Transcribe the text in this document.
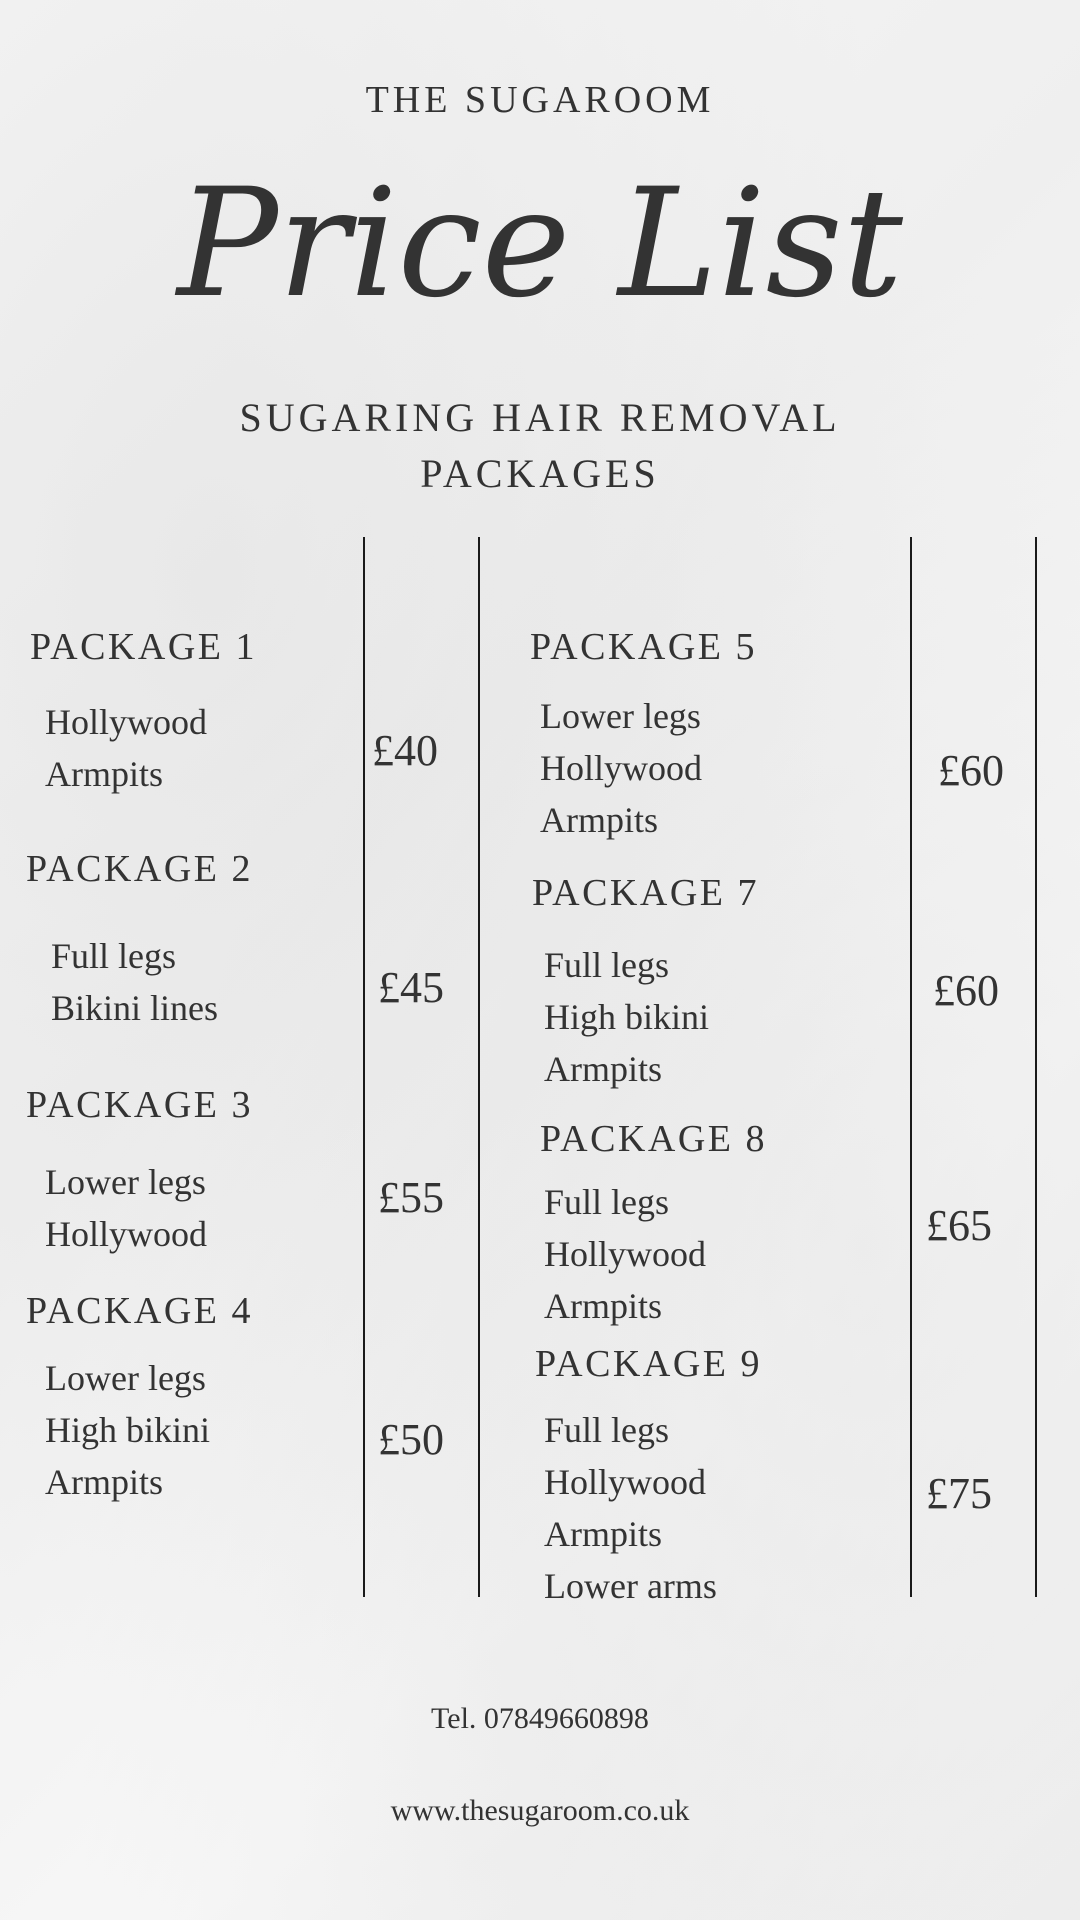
THE SUGAROOM
Price List
SUGARING HAIR REMOVAL
PACKAGES
PACKAGE 1
Hollywood
Armpits	£40
PACKAGE 2
Full legs
Bikini lines	£45
PACKAGE 3
Lower legs
Hollywood
£55
PACKAGE 4
Lower legs
High bikini
Armpits
£50
PACKAGE 5
Lower legs
Hollywood
Armpits
£60
PACKAGE 7
Full legs
High bikini
Armpits
£60
PACKAGE 8
Full legs
Hollywood
Armpits
£65
PACKAGE 9
Full legs
Hollywood
Armpits
Lower arms
£75
Tel. 07849660898
www.thesugaroom.co.uk
